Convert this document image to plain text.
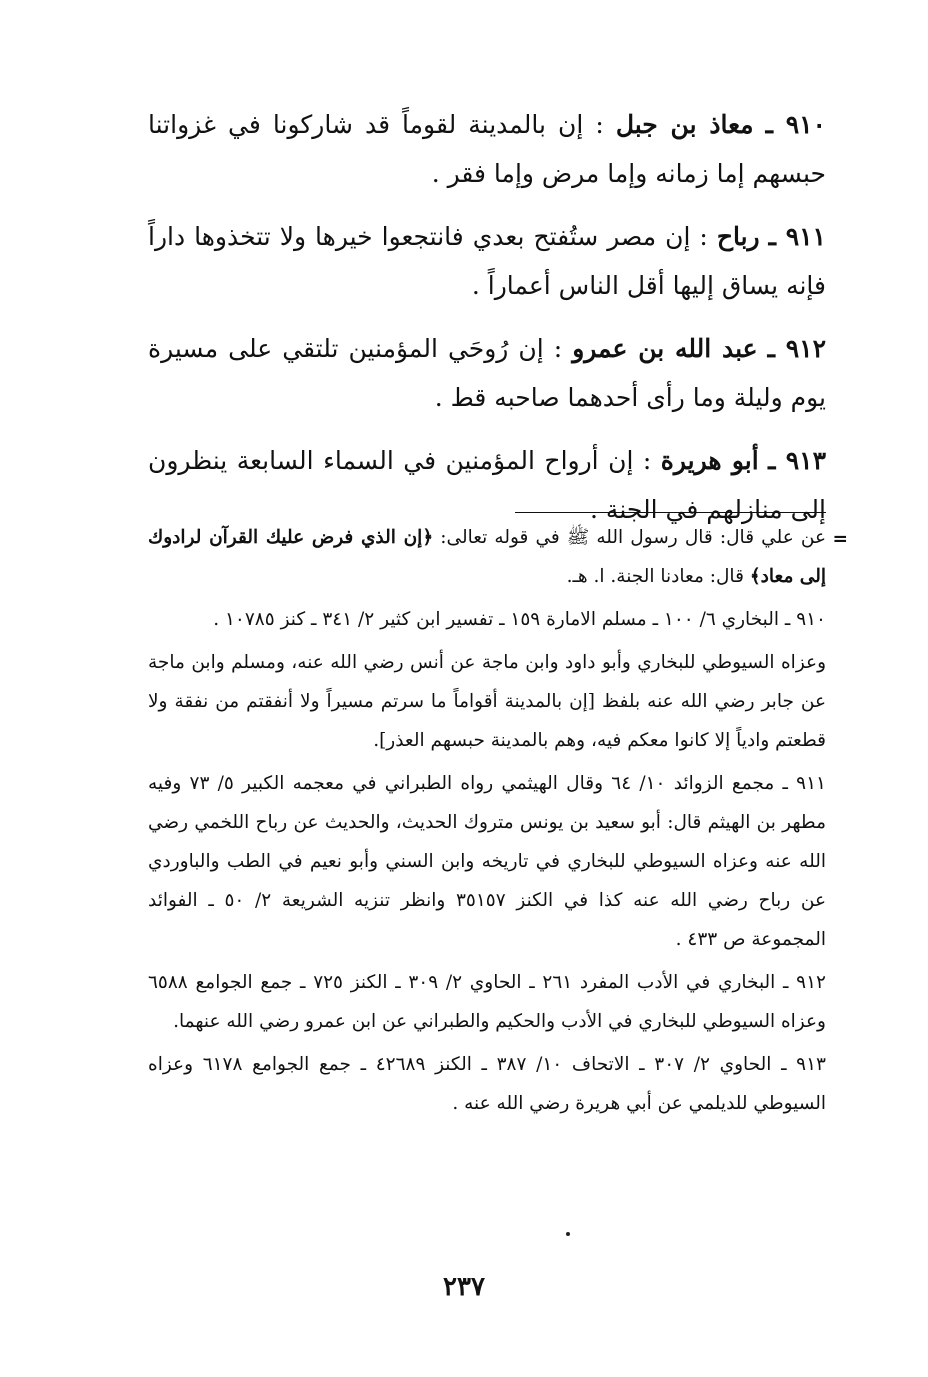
٩١٠ ـ معاذ بن جبل : إن بالمدينة لقوماً قد شاركونا في غزواتنا حبسهم إما زمانه وإما مرض وإما فقر .

٩١١ ـ رباح : إن مصر ستُفتح بعدي فانتجعوا خيرها ولا تتخذوها داراً فإنه يساق إليها أقل الناس أعماراً .

٩١٢ ـ عبد الله بن عمرو : إن رُوحَي المؤمنين تلتقي على مسيرة يوم وليلة وما رأى أحدهما صاحبه قط .

٩١٣ ـ أبو هريرة : إن أرواح المؤمنين في السماء السابعة ينظرون إلى منازلهم في الجنة .

=
عن علي قال: قال رسول الله ﷺ في قوله تعالى: ﴿إن الذي فرض عليك القرآن لرادوك إلى معاد﴾ قال: معادنا الجنة. ا. هـ.

٩١٠ ـ البخاري ٦/ ١٠٠ ـ مسلم الامارة ١٥٩ ـ تفسير ابن كثير ٢/ ٣٤١ ـ كنز ١٠٧٨٥ .

وعزاه السيوطي للبخاري وأبو داود وابن ماجة عن أنس رضي الله عنه، ومسلم وابن ماجة عن جابر رضي الله عنه بلفظ [إن بالمدينة أقواماً ما سرتم مسيراً ولا أنفقتم من نفقة ولا قطعتم وادياً إلا كانوا معكم فيه، وهم بالمدينة حبسهم العذر].

٩١١ ـ مجمع الزوائد ١٠/ ٦٤ وقال الهيثمي رواه الطبراني في معجمه الكبير ٥/ ٧٣ وفيه مطهر بن الهيثم قال: أبو سعيد بن يونس متروك الحديث، والحديث عن رباح اللخمي رضي الله عنه وعزاه السيوطي للبخاري في تاريخه وابن السني وأبو نعيم في الطب والباوردي عن رباح رضي الله عنه كذا في الكنز ٣٥١٥٧ وانظر تنزيه الشريعة ٢/ ٥٠ ـ الفوائد المجموعة ص ٤٣٣ .

٩١٢ ـ البخاري في الأدب المفرد ٢٦١ ـ الحاوي ٢/ ٣٠٩ ـ الكنز ٧٢٥ ـ جمع الجوامع ٦٥٨٨ وعزاه السيوطي للبخاري في الأدب والحكيم والطبراني عن ابن عمرو رضي الله عنهما.

٩١٣ ـ الحاوي ٢/ ٣٠٧ ـ الاتحاف ١٠/ ٣٨٧ ـ الكنز ٤٢٦٨٩ ـ جمع الجوامع ٦١٧٨ وعزاه السيوطي للديلمي عن أبي هريرة رضي الله عنه .

٢٣٧
